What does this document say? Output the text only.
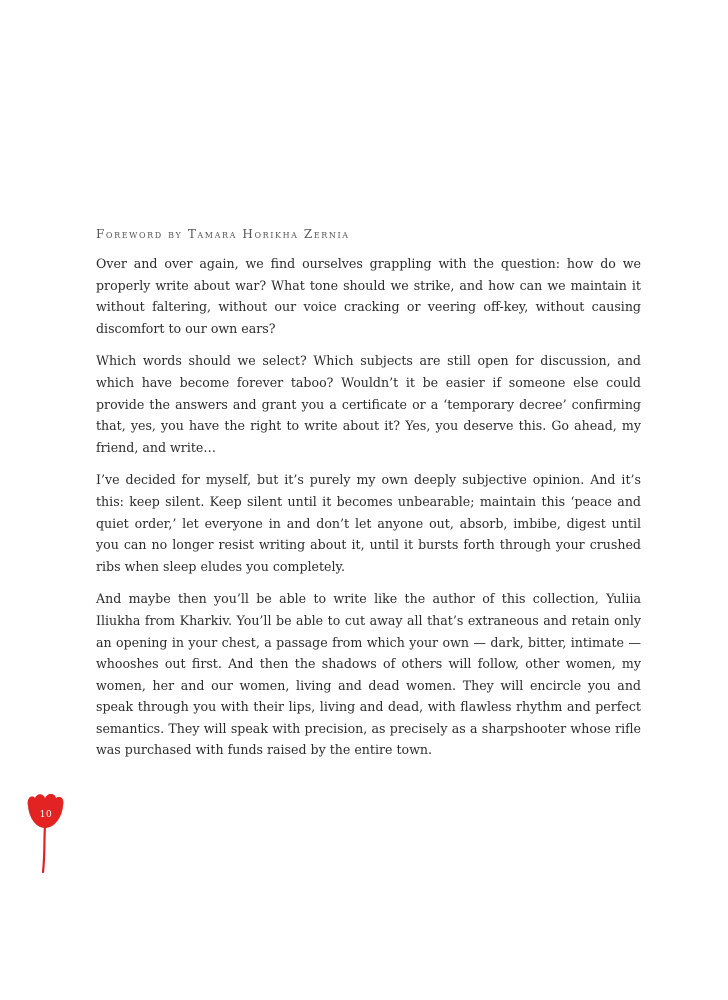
Foreword by Tamara Horikha Zernia

Over and over again, we find ourselves grappling with the question: how do we properly write about war? What tone should we strike, and how can we maintain it without faltering, without our voice cracking or veering off-key, without causing discomfort to our own ears?

Which words should we select? Which subjects are still open for discussion, and which have become forever taboo? Wouldn’t it be easier if someone else could provide the answers and grant you a certificate or a ‘temporary decree’ confirming that, yes, you have the right to write about it? Yes, you deserve this. Go ahead, my friend, and write…

I’ve decided for myself, but it’s purely my own deeply subjective opinion. And it’s this: keep silent. Keep silent until it becomes unbearable; maintain this ‘peace and quiet order,’ let everyone in and don’t let anyone out, absorb, imbibe, digest until you can no longer resist writing about it, until it bursts forth through your crushed ribs when sleep eludes you completely.

And maybe then you’ll be able to write like the author of this collection, Yuliia Iliukha from Kharkiv. You’ll be able to cut away all that’s extraneous and retain only an opening in your chest, a passage from which your own — dark, bitter, intimate — whooshes out first. And then the shadows of others will follow, other women, my women, her and our women, living and dead women. They will encircle you and speak through you with their lips, living and dead, with flawless rhythm and perfect semantics. They will speak with precision, as precisely as a sharpshooter whose rifle was purchased with funds raised by the entire town.

10
